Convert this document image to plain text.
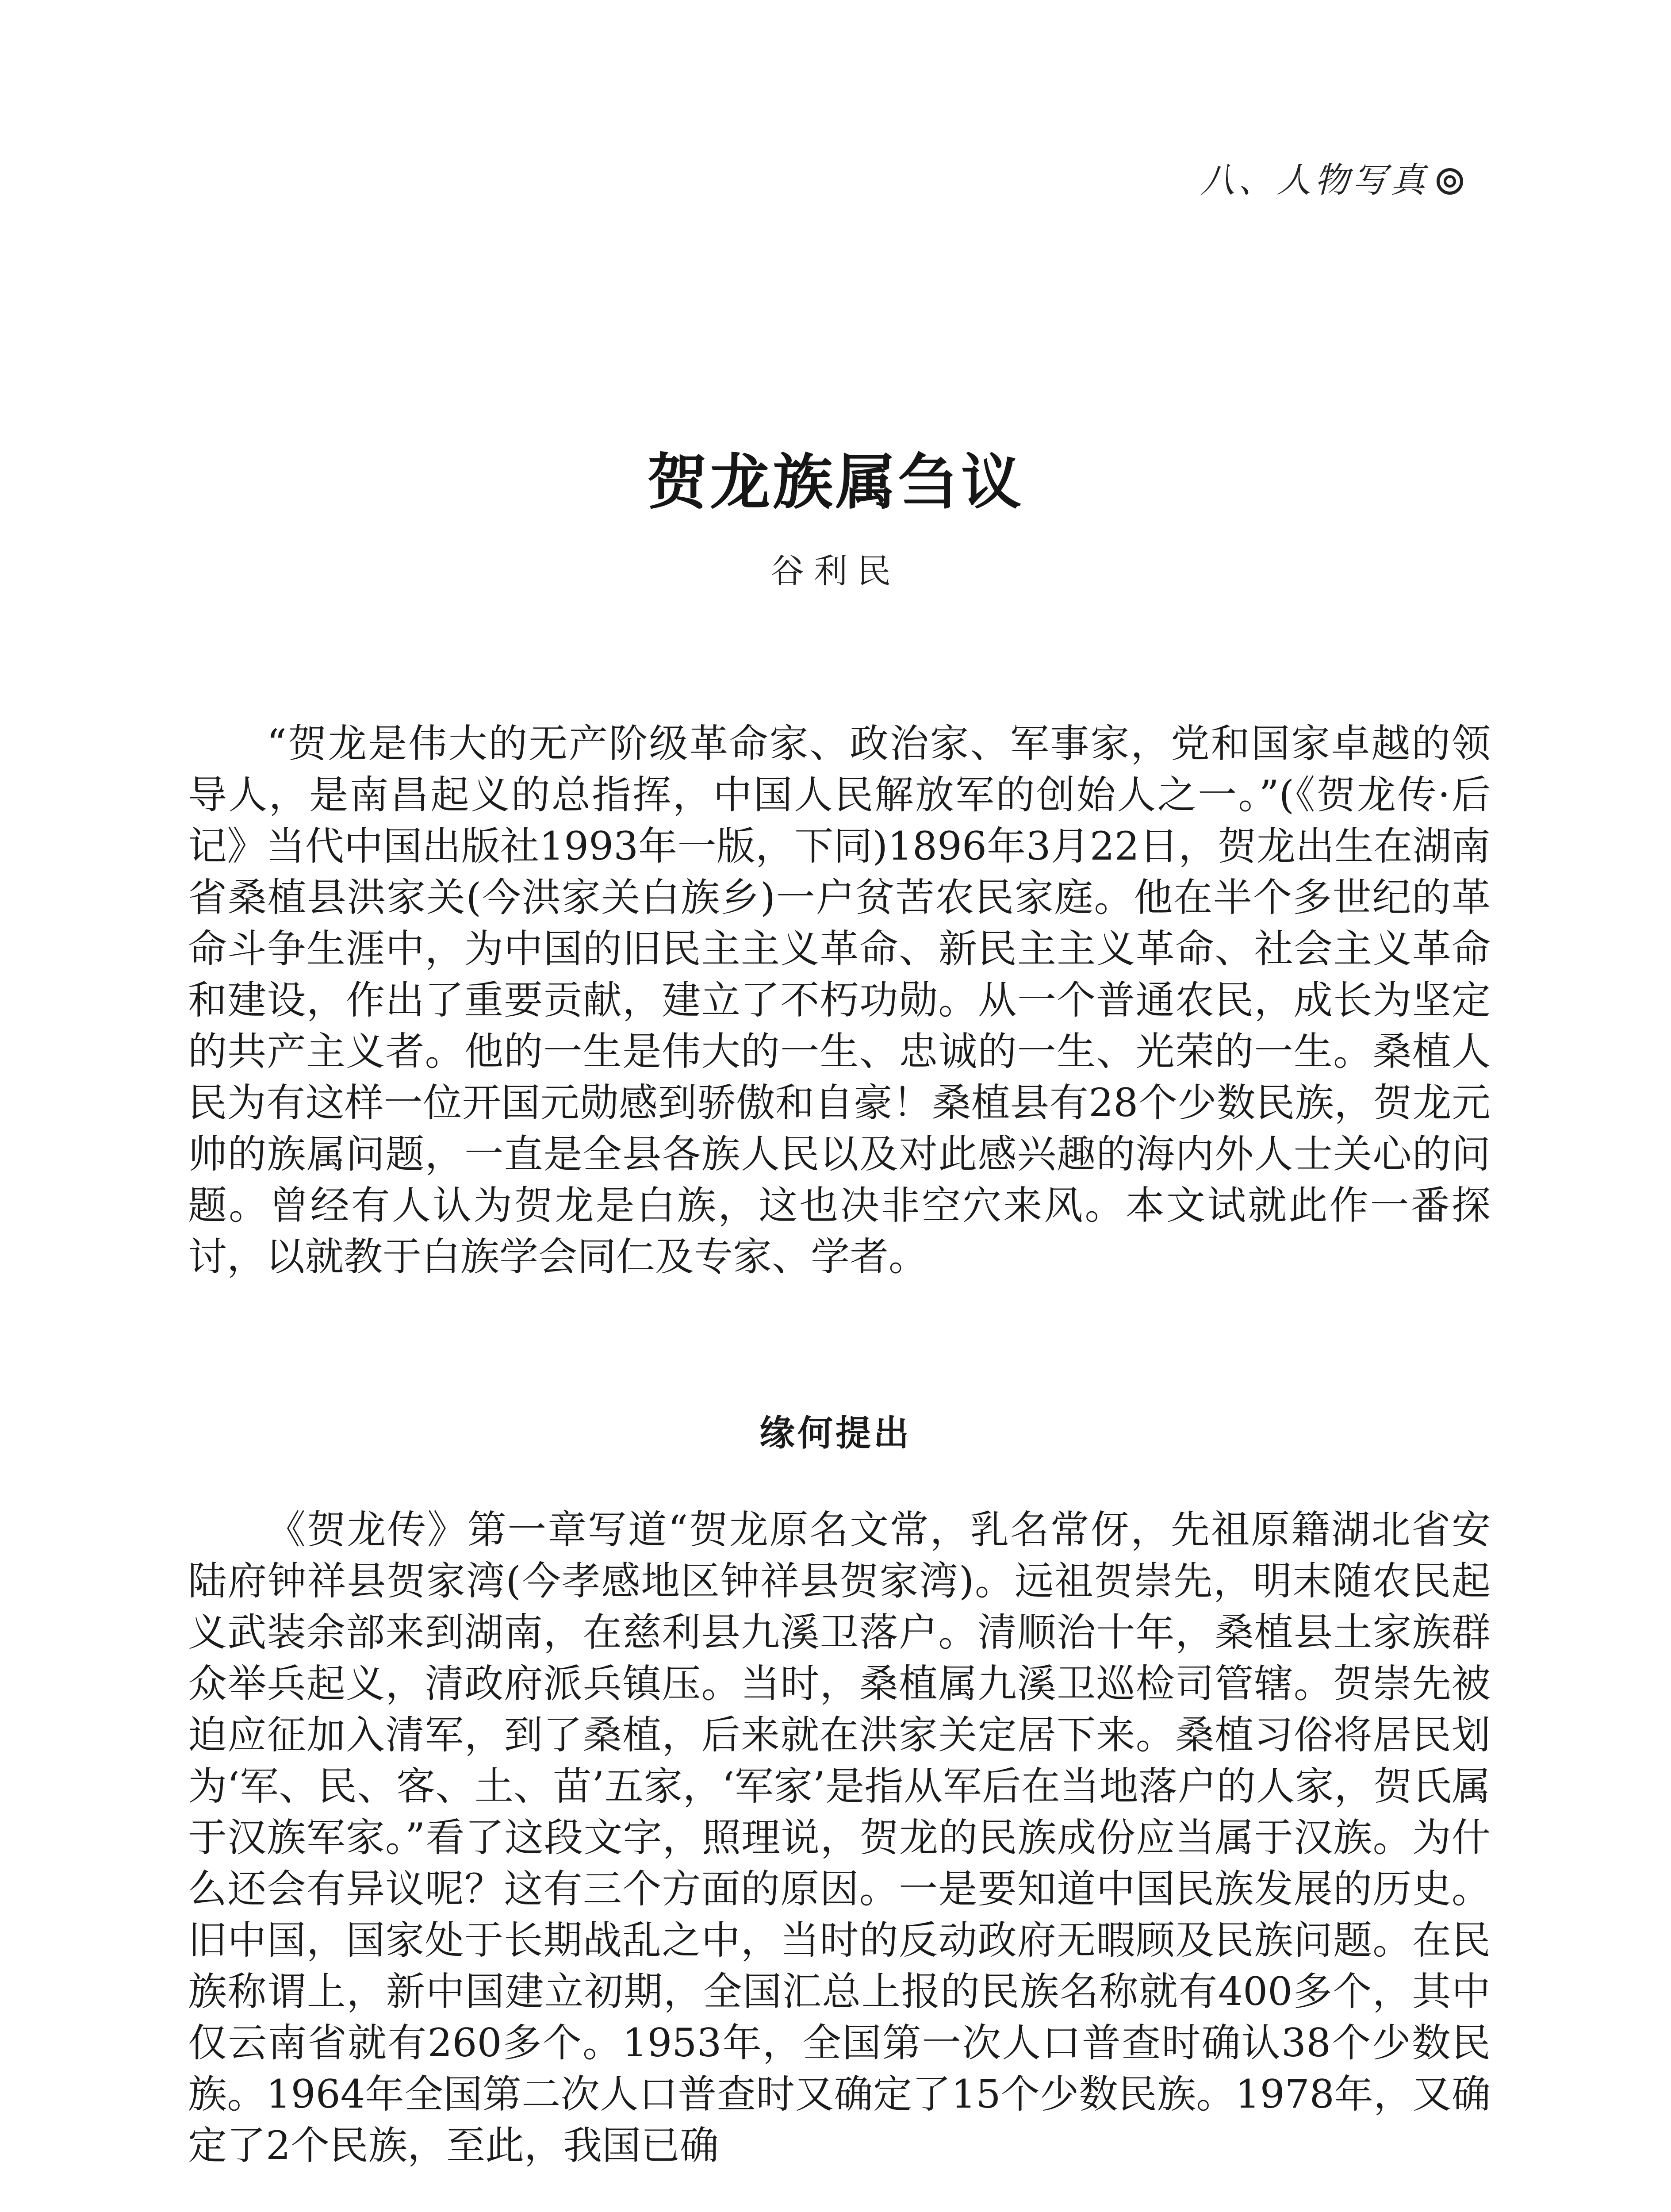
八、人物写真
贺龙族属刍议
谷利民
“贺龙是伟大的无产阶级革命家、政治家、军事家，党和国家卓越的领导人，是南昌起义的总指挥，中国人民解放军的创始人之一。”(《贺龙传·后记》当代中国出版社1993年一版，下同)1896年3月22日，贺龙出生在湖南省桑植县洪家关(今洪家关白族乡)一户贫苦农民家庭。他在半个多世纪的革命斗争生涯中，为中国的旧民主主义革命、新民主主义革命、社会主义革命和建设，作出了重要贡献，建立了不朽功勋。从一个普通农民，成长为坚定的共产主义者。他的一生是伟大的一生、忠诚的一生、光荣的一生。桑植人民为有这样一位开国元勋感到骄傲和自豪！桑植县有28个少数民族，贺龙元帅的族属问题，一直是全县各族人民以及对此感兴趣的海内外人士关心的问题。曾经有人认为贺龙是白族，这也决非空穴来风。本文试就此作一番探讨，以就教于白族学会同仁及专家、学者。
缘何提出
《贺龙传》第一章写道“贺龙原名文常，乳名常伢，先祖原籍湖北省安陆府钟祥县贺家湾(今孝感地区钟祥县贺家湾)。远祖贺崇先，明末随农民起义武装余部来到湖南，在慈利县九溪卫落户。清顺治十年，桑植县土家族群众举兵起义，清政府派兵镇压。当时，桑植属九溪卫巡检司管辖。贺崇先被迫应征加入清军，到了桑植，后来就在洪家关定居下来。桑植习俗将居民划为‘军、民、客、土、苗’五家，‘军家’是指从军后在当地落户的人家，贺氏属于汉族军家。”看了这段文字，照理说，贺龙的民族成份应当属于汉族。为什么还会有异议呢？这有三个方面的原因。一是要知道中国民族发展的历史。旧中国，国家处于长期战乱之中，当时的反动政府无暇顾及民族问题。在民族称谓上，新中国建立初期，全国汇总上报的民族名称就有400多个，其中仅云南省就有260多个。1953年，全国第一次人口普查时确认38个少数民族。1964年全国第二次人口普查时又确定了15个少数民族。1978年，又确定了2个民族，至此，我国已确
